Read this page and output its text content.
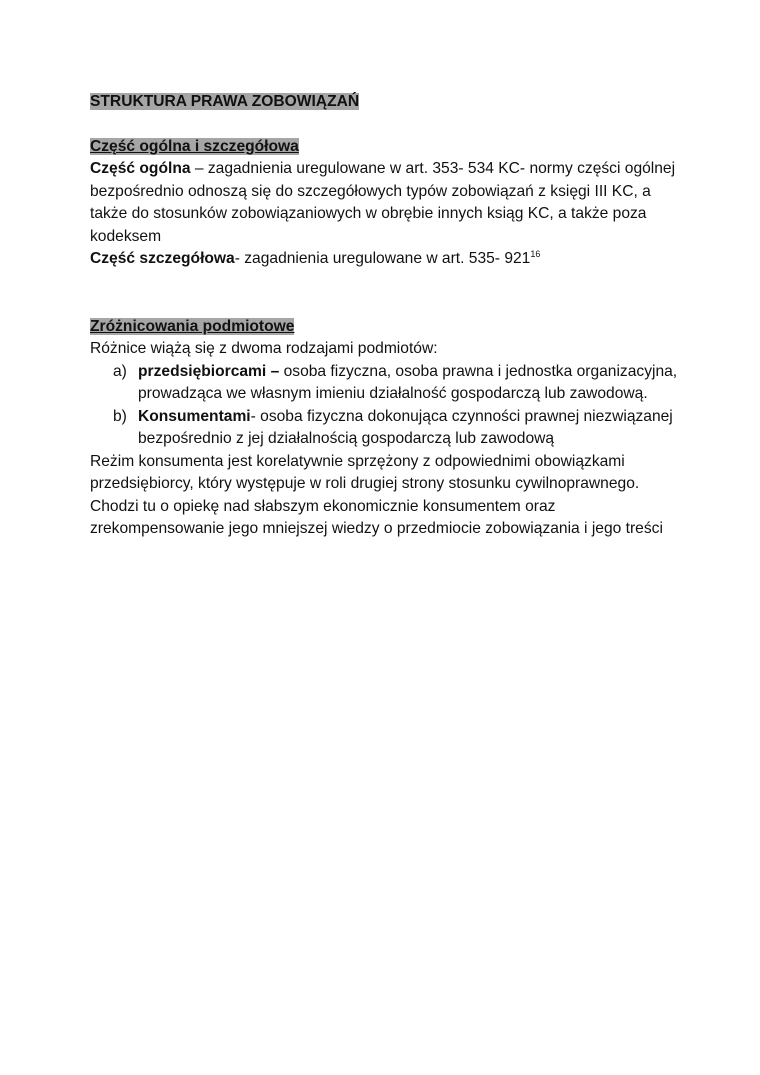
STRUKTURA PRAWA ZOBOWIĄZAŃ

Część ogólna i szczegółowa

Część ogólna – zagadnienia uregulowane w art. 353- 534 KC- normy części ogólnej bezpośrednio odnoszą się do szczegółowych typów zobowiązań z księgi III KC, a także do stosunków zobowiązaniowych w obrębie innych ksiąg KC, a także poza kodeksem

Część szczegółowa- zagadnienia uregulowane w art. 535- $921^{16}$

Zróżnicowania podmiotowe

Różnice wiążą się z dwoma rodzajami podmiotów:

a) przedsiębiorcami – osoba fizyczna, osoba prawna i jednostka organizacyjna, prowadząca we własnym imieniu działalność gospodarczą lub zawodową.
b) Konsumentami- osoba fizyczna dokonująca czynności prawnej niezwiązanej bezpośrednio z jej działalnością gospodarczą lub zawodową

Reżim konsumenta jest korelatywnie sprzężony z odpowiednimi obowiązkami przedsiębiorcy, który występuje w roli drugiej strony stosunku cywilnoprawnego. Chodzi tu o opiekę nad słabszym ekonomicznie konsumentem oraz zrekompensowanie jego mniejszej wiedzy o przedmiocie zobowiązania i jego treści
